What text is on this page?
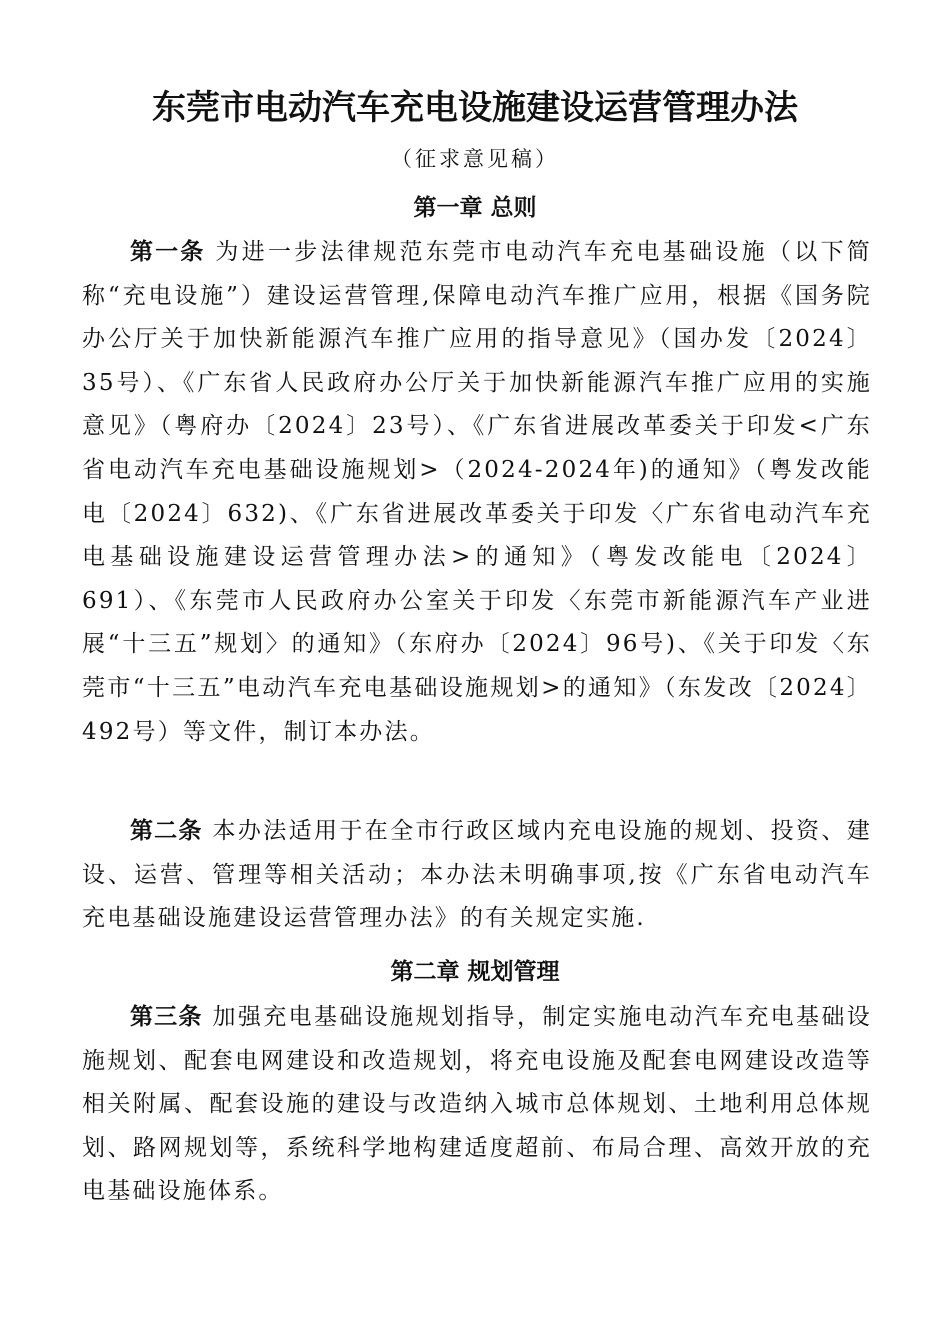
东莞市电动汽车充电设施建设运营管理办法
（征求意见稿）
第一章 总则

第一条 为进一步法律规范东莞市电动汽车充电基础设施（以下简称“充电设施”）建设运营管理,保障电动汽车推广应用，根据《国务院办公厅关于加快新能源汽车推广应用的指导意见》（国办发〔2024〕35号）、《广东省人民政府办公厅关于加快新能源汽车推广应用的实施意见》（粤府办〔2024〕23号）、《广东省进展改革委关于印发<广东省电动汽车充电基础设施规划>（2024-2024年)的通知》（粤发改能电〔2024〕632)、《广东省进展改革委关于印发〈广东省电动汽车充电基础设施建设运营管理办法>的通知》（粤发改能电〔2024〕691）、《东莞市人民政府办公室关于印发〈东莞市新能源汽车产业进展“十三五”规划〉的通知》（东府办〔2024〕96号)、《关于印发〈东莞市“十三五”电动汽车充电基础设施规划>的通知》（东发改〔2024〕492号）等文件，制订本办法。

第二条 本办法适用于在全市行政区域内充电设施的规划、投资、建设、运营、管理等相关活动；本办法未明确事项,按《广东省电动汽车充电基础设施建设运营管理办法》的有关规定实施.

第二章 规划管理

第三条 加强充电基础设施规划指导，制定实施电动汽车充电基础设施规划、配套电网建设和改造规划，将充电设施及配套电网建设改造等相关附属、配套设施的建设与改造纳入城市总体规划、土地利用总体规划、路网规划等，系统科学地构建适度超前、布局合理、高效开放的充电基础设施体系。
